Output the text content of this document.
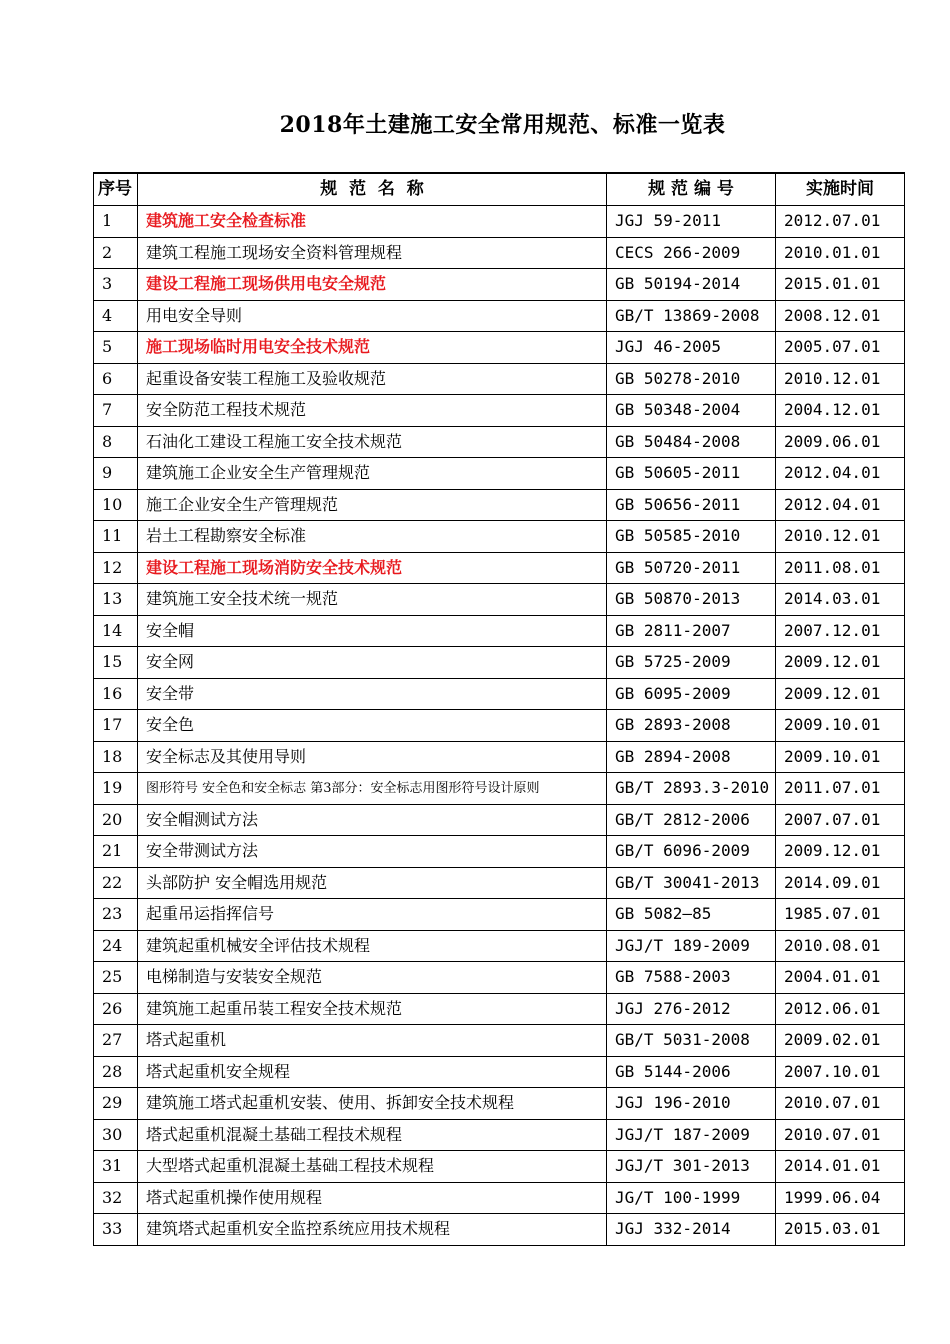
2018年土建施工安全常用规范、标准一览表
序号	规  范  名  称	规 范 编 号	实施时间
1	建筑施工安全检查标准	JGJ 59-2011	2012.07.01
2	建筑工程施工现场安全资料管理规程	CECS 266-2009	2010.01.01
3	建设工程施工现场供用电安全规范	GB 50194-2014	2015.01.01
4	用电安全导则	GB/T 13869-2008	2008.12.01
5	施工现场临时用电安全技术规范	JGJ 46-2005	2005.07.01
6	起重设备安装工程施工及验收规范	GB 50278-2010	2010.12.01
7	安全防范工程技术规范	GB 50348-2004	2004.12.01
8	石油化工建设工程施工安全技术规范	GB 50484-2008	2009.06.01
9	建筑施工企业安全生产管理规范	GB 50605-2011	2012.04.01
10	施工企业安全生产管理规范	GB 50656-2011	2012.04.01
11	岩土工程勘察安全标准	GB 50585-2010	2010.12.01
12	建设工程施工现场消防安全技术规范	GB 50720-2011	2011.08.01
13	建筑施工安全技术统一规范	GB 50870-2013	2014.03.01
14	安全帽	GB 2811-2007	2007.12.01
15	安全网	GB 5725-2009	2009.12.01
16	安全带	GB 6095-2009	2009.12.01
17	安全色	GB 2893-2008	2009.10.01
18	安全标志及其使用导则	GB 2894-2008	2009.10.01
19	图形符号 安全色和安全标志 第3部分：安全标志用图形符号设计原则	GB/T 2893.3-2010	2011.07.01
20	安全帽测试方法	GB/T 2812-2006	2007.07.01
21	安全带测试方法	GB/T 6096-2009	2009.12.01
22	头部防护 安全帽选用规范	GB/T 30041-2013	2014.09.01
23	起重吊运指挥信号	GB 5082—85	1985.07.01
24	建筑起重机械安全评估技术规程	JGJ/T 189-2009	2010.08.01
25	电梯制造与安装安全规范	GB 7588-2003	2004.01.01
26	建筑施工起重吊装工程安全技术规范	JGJ 276-2012	2012.06.01
27	塔式起重机	GB/T 5031-2008	2009.02.01
28	塔式起重机安全规程	GB 5144-2006	2007.10.01
29	建筑施工塔式起重机安装、使用、拆卸安全技术规程	JGJ 196-2010	2010.07.01
30	塔式起重机混凝土基础工程技术规程	JGJ/T 187-2009	2010.07.01
31	大型塔式起重机混凝土基础工程技术规程	JGJ/T 301-2013	2014.01.01
32	塔式起重机操作使用规程	JG/T 100-1999	1999.06.04
33	建筑塔式起重机安全监控系统应用技术规程	JGJ 332-2014	2015.03.01
